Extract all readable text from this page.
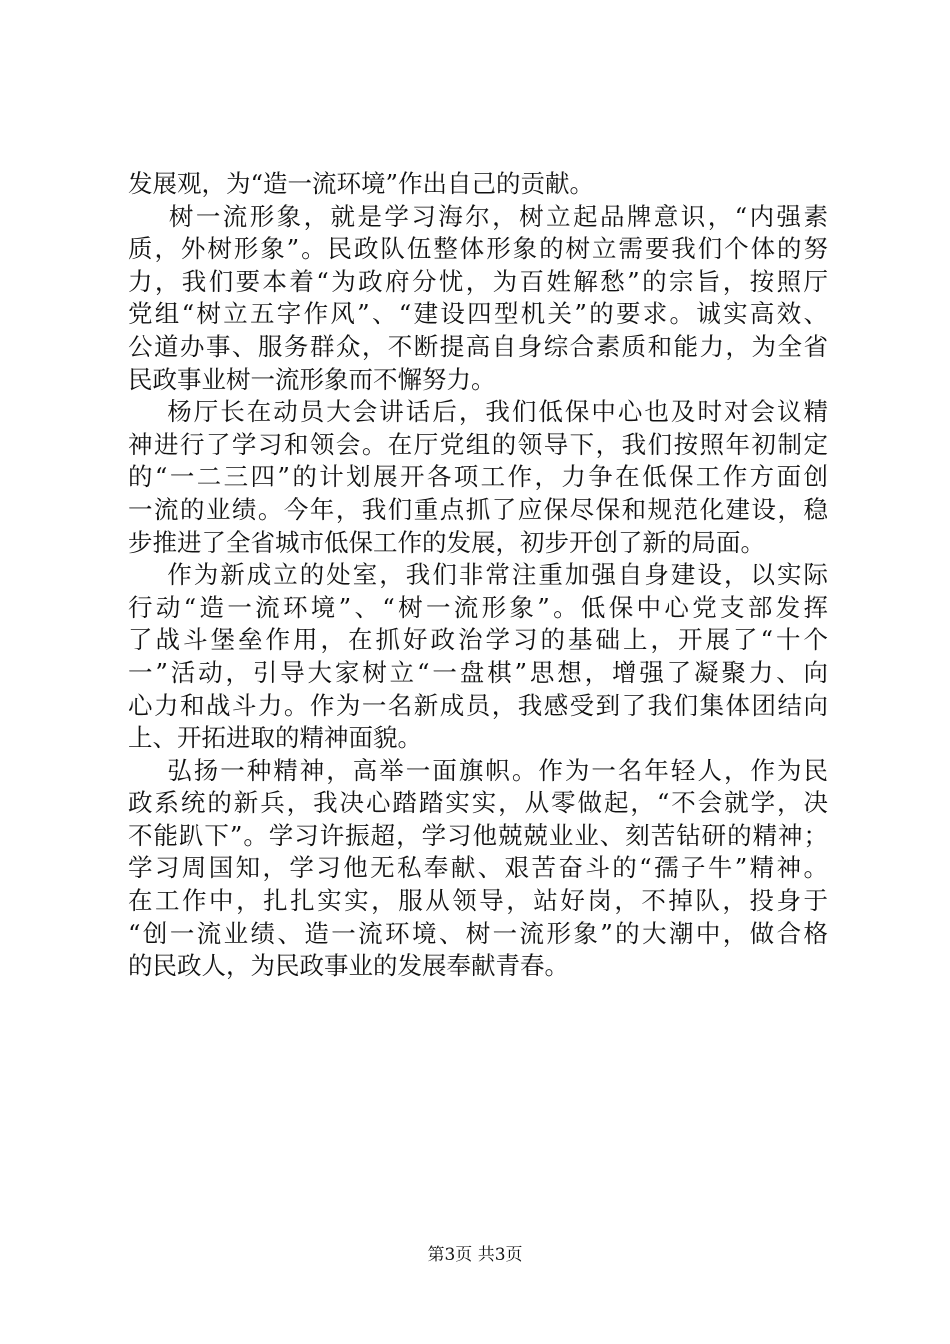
发展观，为“造一流环境”作出自己的贡献。
树一流形象，就是学习海尔，树立起品牌意识，“内强素
质，外树形象”。民政队伍整体形象的树立需要我们个体的努
力，我们要本着“为政府分忧，为百姓解愁”的宗旨，按照厅
党组“树立五字作风”、“建设四型机关”的要求。诚实高效、
公道办事、服务群众，不断提高自身综合素质和能力，为全省
民政事业树一流形象而不懈努力。
杨厅长在动员大会讲话后，我们低保中心也及时对会议精
神进行了学习和领会。在厅党组的领导下，我们按照年初制定
的“一二三四”的计划展开各项工作，力争在低保工作方面创
一流的业绩。今年，我们重点抓了应保尽保和规范化建设，稳
步推进了全省城市低保工作的发展，初步开创了新的局面。
作为新成立的处室，我们非常注重加强自身建设，以实际
行动“造一流环境”、“树一流形象”。低保中心党支部发挥
了战斗堡垒作用，在抓好政治学习的基础上，开展了“十个
一”活动，引导大家树立“一盘棋”思想，增强了凝聚力、向
心力和战斗力。作为一名新成员，我感受到了我们集体团结向
上、开拓进取的精神面貌。
弘扬一种精神，高举一面旗帜。作为一名年轻人，作为民
政系统的新兵，我决心踏踏实实，从零做起，“不会就学，决
不能趴下”。学习许振超，学习他兢兢业业、刻苦钻研的精神；
学习周国知，学习他无私奉献、艰苦奋斗的“孺子牛”精神。
在工作中，扎扎实实，服从领导，站好岗，不掉队，投身于
“创一流业绩、造一流环境、树一流形象”的大潮中，做合格
的民政人，为民政事业的发展奉献青春。
第3页 共3页
